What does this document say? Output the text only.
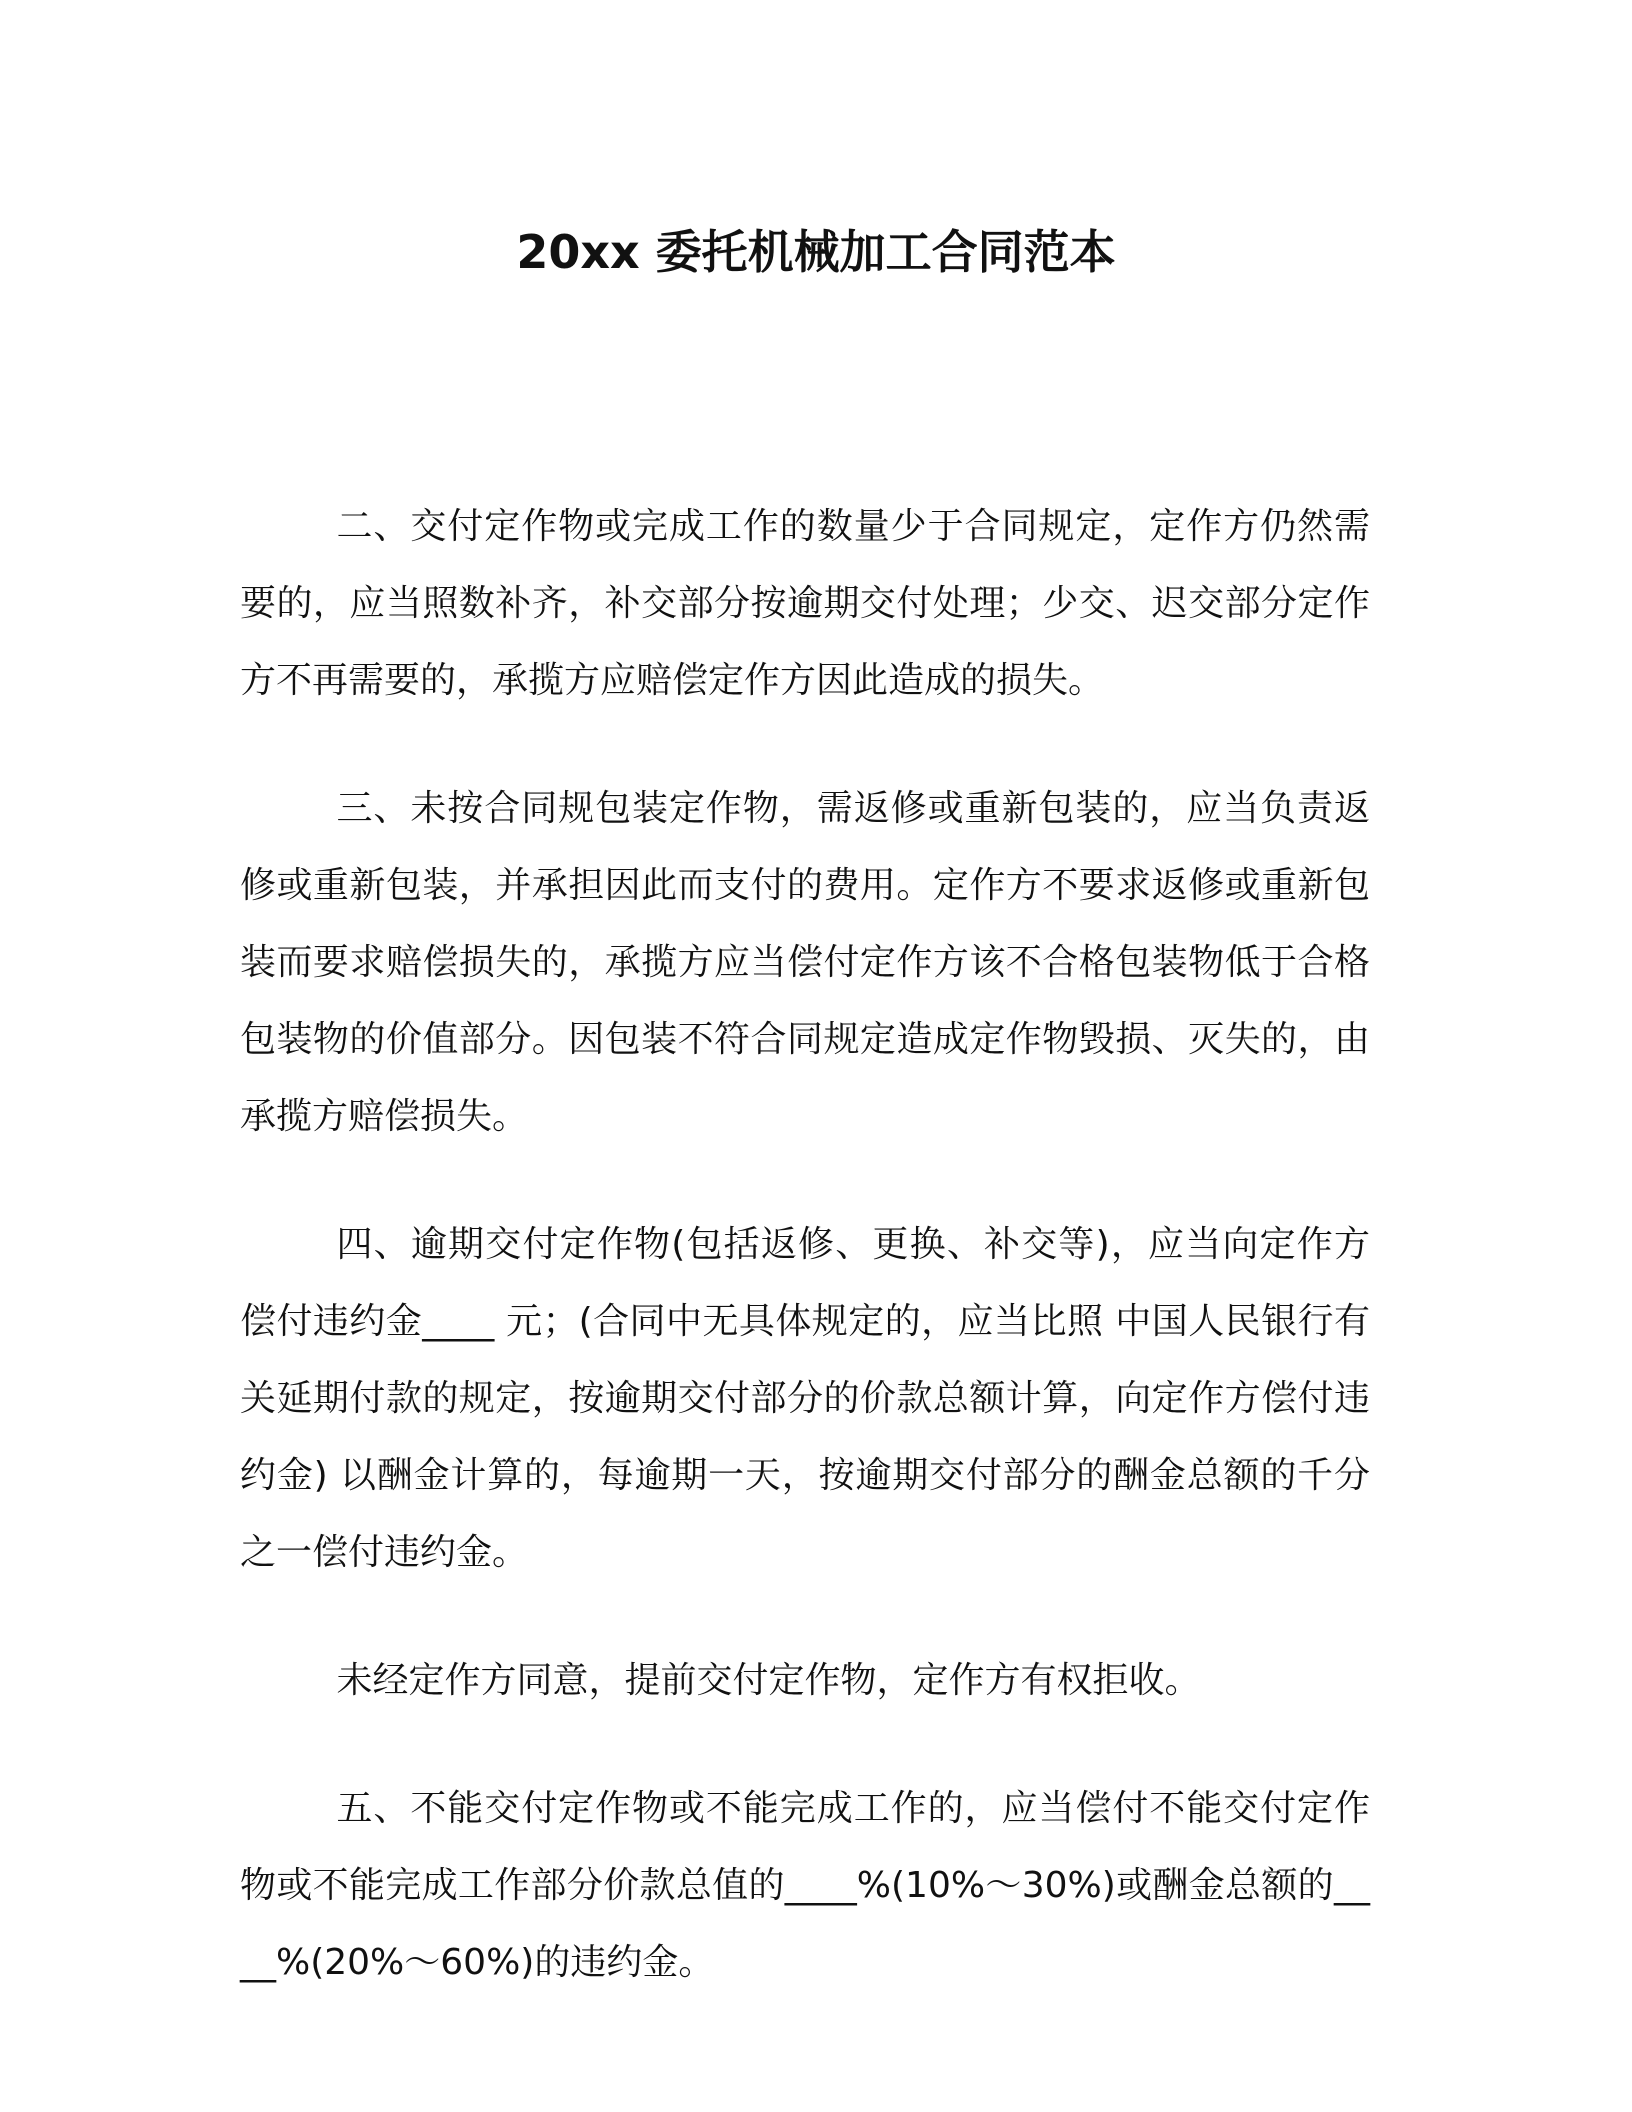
20xx 委托机械加工合同范本

二、交付定作物或完成工作的数量少于合同规定，定作方仍然需要的，应当照数补齐，补交部分按逾期交付处理；少交、迟交部分定作方不再需要的，承揽方应赔偿定作方因此造成的损失。

三、未按合同规包装定作物，需返修或重新包装的，应当负责返修或重新包装，并承担因此而支付的费用。定作方不要求返修或重新包装而要求赔偿损失的，承揽方应当偿付定作方该不合格包装物低于合格包装物的价值部分。因包装不符合同规定造成定作物毁损、灭失的，由承揽方赔偿损失。

四、逾期交付定作物(包括返修、更换、补交等)，应当向定作方偿付违约金____ 元；(合同中无具体规定的，应当比照 中国人民银行有关延期付款的规定，按逾期交付部分的价款总额计算，向定作方偿付违约金) 以酬金计算的，每逾期一天，按逾期交付部分的酬金总额的千分之一偿付违约金。

未经定作方同意，提前交付定作物，定作方有权拒收。

五、不能交付定作物或不能完成工作的，应当偿付不能交付定作物或不能完成工作部分价款总值的____%(10%～30%)或酬金总额的____%(20%～60%)的违约金。
